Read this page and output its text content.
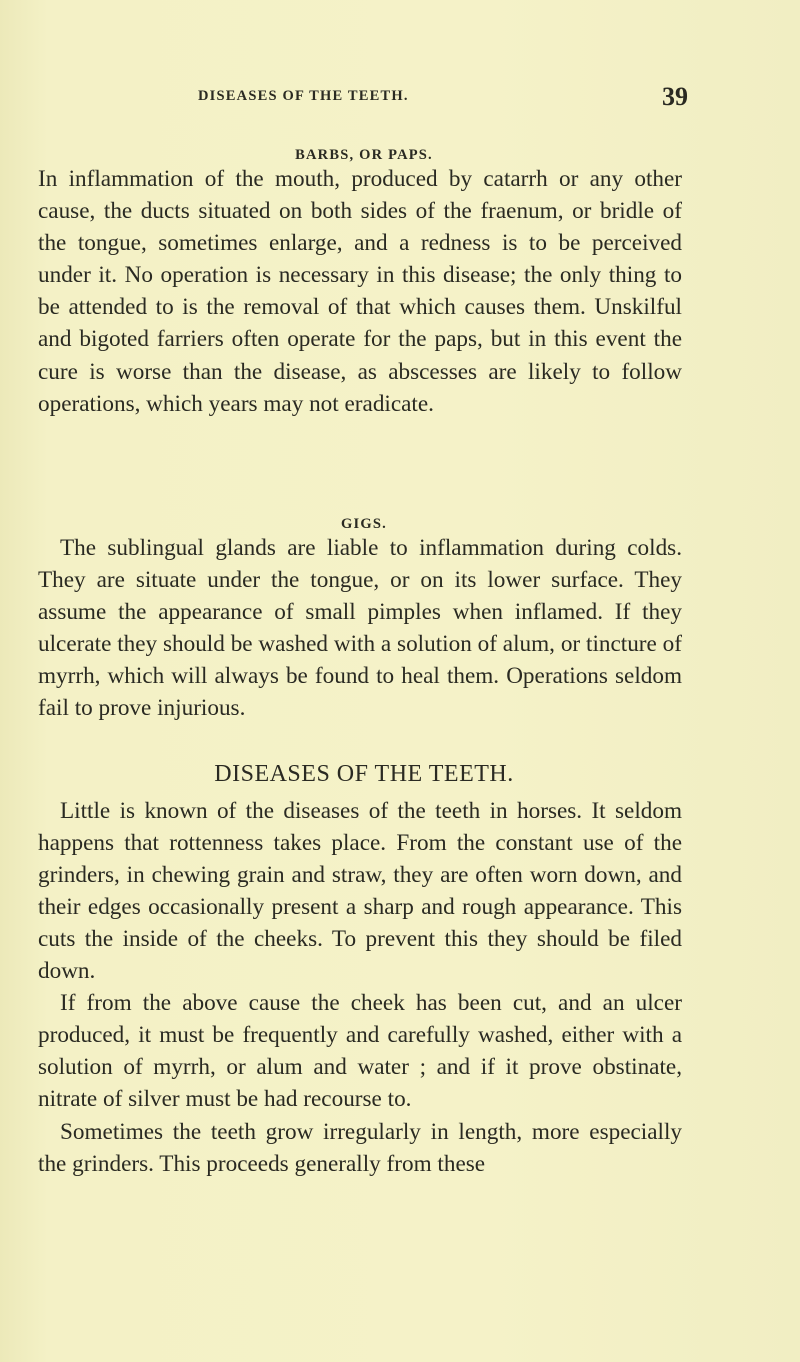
DISEASES OF THE TEETH.	39
BARBS, OR PAPS.

In inflammation of the mouth, produced by catarrh or any other cause, the ducts situated on both sides of the fraenum, or bridle of the tongue, sometimes enlarge, and a redness is to be perceived under it. No operation is necessary in this disease; the only thing to be attended to is the removal of that which causes them. Unskilful and bigoted farriers often operate for the paps, but in this event the cure is worse than the disease, as abscesses are likely to follow operations, which years may not eradicate.

GIGS.

The sublingual glands are liable to inflammation during colds. They are situate under the tongue, or on its lower surface. They assume the appearance of small pimples when inflamed. If they ulcerate they should be washed with a solution of alum, or tincture of myrrh, which will always be found to heal them. Operations seldom fail to prove injurious.

DISEASES OF THE TEETH.

Little is known of the diseases of the teeth in horses. It seldom happens that rottenness takes place. From the constant use of the grinders, in chewing grain and straw, they are often worn down, and their edges occasionally present a sharp and rough appearance. This cuts the inside of the cheeks. To prevent this they should be filed down.

If from the above cause the cheek has been cut, and an ulcer produced, it must be frequently and carefully washed, either with a solution of myrrh, or alum and water ; and if it prove obstinate, nitrate of silver must be had recourse to.

Sometimes the teeth grow irregularly in length, more especially the grinders. This proceeds generally from these
